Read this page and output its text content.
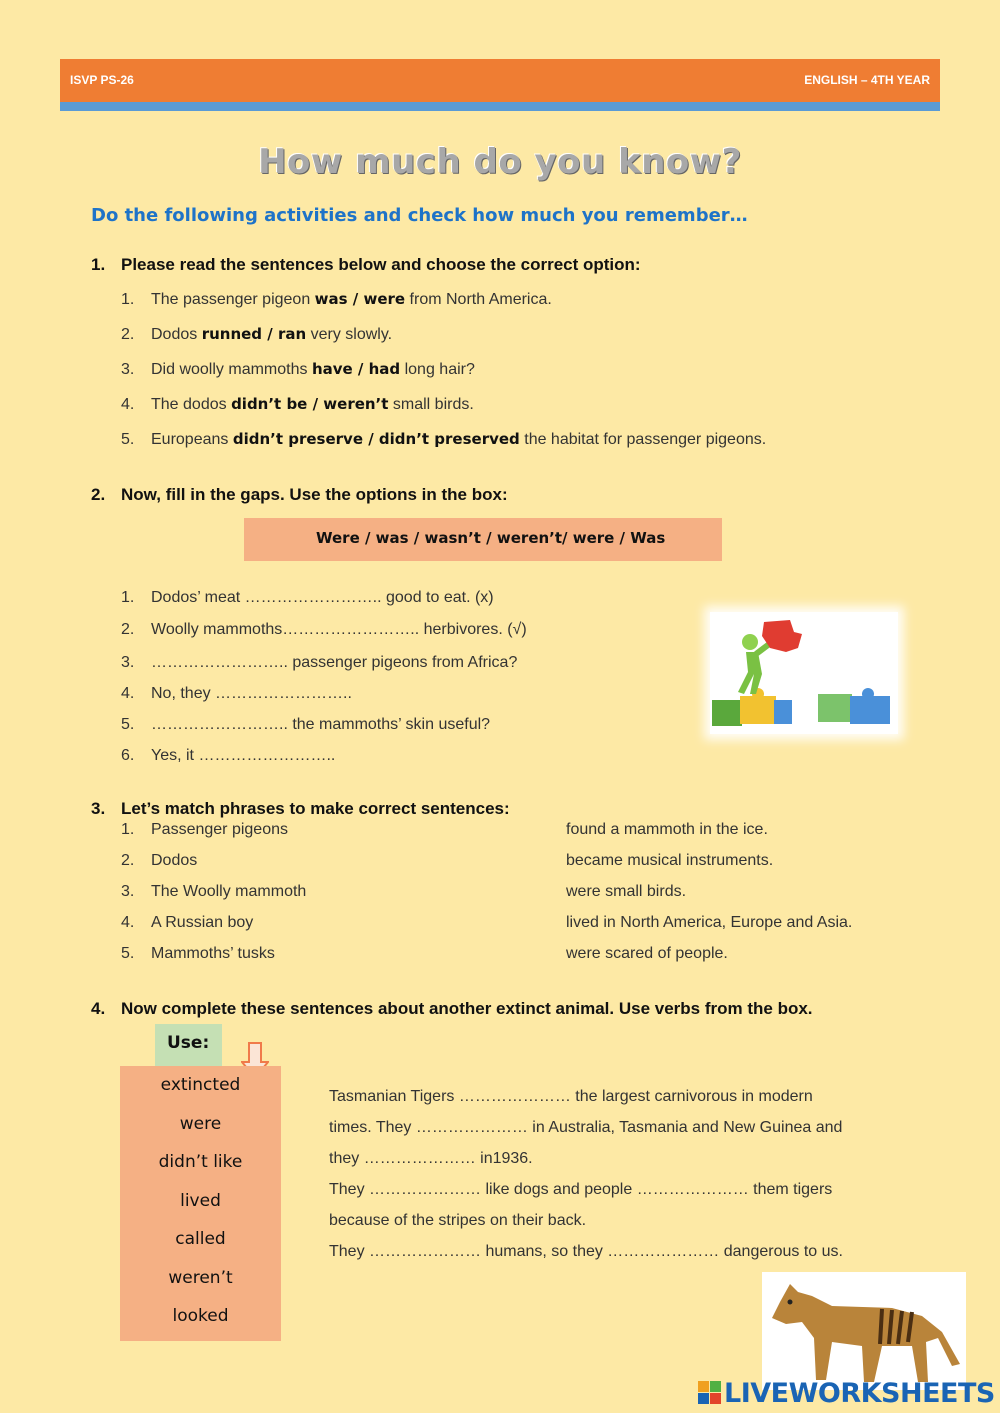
ISVP PS-26	ENGLISH – 4TH YEAR
How much do you know?
Do the following activities and check how much you remember…
1. Please read the sentences below and choose the correct option:
1. The passenger pigeon was / were from North America.
2. Dodos runned / ran very slowly.
3. Did woolly mammoths have / had long hair?
4. The dodos didn’t be / weren’t small birds.
5. Europeans didn’t preserve / didn’t preserved the habitat for passenger pigeons.
2. Now, fill in the gaps. Use the options in the box:
Were / was / wasn’t / weren’t/ were / Was
1. Dodos’ meat …………………….. good to eat. (x)
2. Woolly mammoths…………………….. herbivores. (√)
3. …………………….. passenger pigeons from Africa?
4. No, they ……………………..
5. …………………….. the mammoths’ skin useful?
6. Yes, it ……………………..
3. Let’s match phrases to make correct sentences:
1. Passenger pigeons
2. Dodos
3. The Woolly mammoth
4. A Russian boy
5. Mammoths’ tusks
found a mammoth in the ice.
became musical instruments.
were small birds.
lived in North America, Europe and Asia.
were scared of people.
4. Now complete these sentences about another extinct animal. Use verbs from the box.
Use:
extincted
were
didn’t like
lived
called
weren’t
looked
Tasmanian Tigers ………………… the largest carnivorous in modern
times. They ………………… in Australia, Tasmania and New Guinea and
they ………………… in1936.
They ………………… like dogs and people ………………… them tigers
because of the stripes on their back.
They ………………… humans, so they ………………… dangerous to us.
LIVEWORKSHEETS
